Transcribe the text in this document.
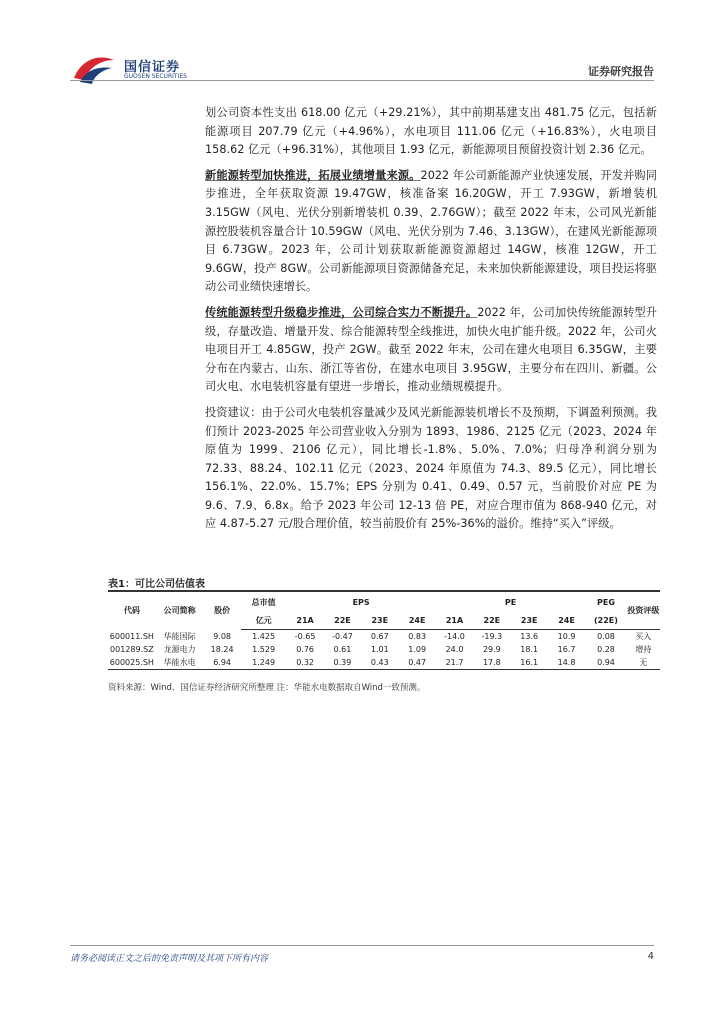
国信证券
GUOSEN SECURITIES	证券研究报告

划公司资本性支出 618.00 亿元（+29.21%），其中前期基建支出 481.75 亿元，包括新能源项目 207.79 亿元（+4.96%），水电项目 111.06 亿元（+16.83%），火电项目 158.62 亿元（+96.31%），其他项目 1.93 亿元，新能源项目预留投资计划 2.36 亿元。

新能源转型加快推进，拓展业绩增量来源。2022 年公司新能源产业快速发展，开发并购同步推进，全年获取资源 19.47GW，核准备案 16.20GW，开工 7.93GW，新增装机 3.15GW（风电、光伏分别新增装机 0.39、2.76GW）；截至 2022 年末，公司风光新能源控股装机容量合计 10.59GW（风电、光伏分别为 7.46、3.13GW），在建风光新能源项目 6.73GW。2023 年，公司计划获取新能源资源超过 14GW，核准 12GW，开工 9.6GW，投产 8GW。公司新能源项目资源储备充足，未来加快新能源建设，项目投运将驱动公司业绩快速增长。

传统能源转型升级稳步推进，公司综合实力不断提升。2022 年，公司加快传统能源转型升级，存量改造、增量开发、综合能源转型全线推进，加快火电扩能升级。2022 年，公司火电项目开工 4.85GW，投产 2GW。截至 2022 年末，公司在建火电项目 6.35GW，主要分布在内蒙古、山东、浙江等省份，在建水电项目 3.95GW，主要分布在四川、新疆。公司火电、水电装机容量有望进一步增长，推动业绩规模提升。

投资建议：由于公司火电装机容量减少及风光新能源装机增长不及预期，下调盈利预测。我们预计 2023-2025 年公司营业收入分别为 1893、1986、2125 亿元（2023、2024 年原值为 1999、2106 亿元），同比增长-1.8%、5.0%、7.0%；归母净利润分别为 72.33、88.24、102.11 亿元（2023、2024 年原值为 74.3、89.5 亿元），同比增长 156.1%、22.0%、15.7%；EPS 分别为 0.41、0.49、0.57 元，当前股价对应 PE 为 9.6、7.9、6.8x。给予 2023 年公司 12-13 倍 PE，对应合理市值为 868-940 亿元，对应 4.87-5.27 元/股合理价值，较当前股价有 25%-36%的溢价。维持“买入”评级。

表1：可比公司估值表
代码	公司简称	股价	总市值	EPS				PE				PEG	投资评级
			亿元	21A	22E	23E	24E	21A	22E	23E	24E	(22E)	
600011.SH	华能国际	9.08	1.425	-0.65	-0.47	0.67	0.83	-14.0	-19.3	13.6	10.9	0.08	买入
001289.SZ	龙源电力	18.24	1.529	0.76	0.61	1.01	1.09	24.0	29.9	18.1	16.7	0.28	增持
600025.SH	华能水电	6.94	1.249	0.32	0.39	0.43	0.47	21.7	17.8	16.1	14.8	0.94	无
资料来源：Wind、国信证券经济研究所整理 注：华能水电数据取自Wind一致预测。
请务必阅读正文之后的免责声明及其项下所有内容	4
